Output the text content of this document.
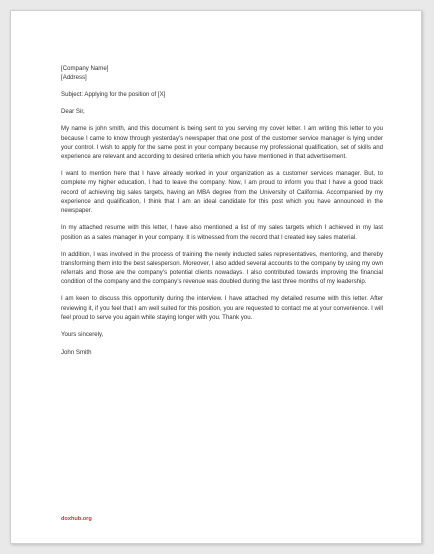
[Company Name]
[Address]

Subject: Applying for the position of [X]

Dear Sir,

My name is john smith, and this document is being sent to you serving my cover letter. I am writing this letter to you because I came to know through yesterday’s newspaper that one post of the customer service manager is lying under your control. I wish to apply for the same post in your company because my professional qualification, set of skills and experience are relevant and according to desired criteria which you have mentioned in that advertisement.

I want to mention here that I have already worked in your organization as a customer services manager. But, to complete my higher education, I had to leave the company. Now, I am proud to inform you that I have a good track record of achieving big sales targets, having an MBA degree from the University of California. Accompanied by my experience and qualification, I think that I am an ideal candidate for this post which you have announced in the newspaper.

In my attached resume with this letter, I have also mentioned a list of my sales targets which I achieved in my last position as a sales manager in your company. It is witnessed from the record that I created key sales material.

In addition, I was involved in the process of training the newly inducted sales representatives, mentoring, and thereby transforming them into the best salesperson. Moreover, I also added several accounts to the company by using my own referrals and those are the company’s potential clients nowadays. I also contributed towards improving the financial condition of the company and the company’s revenue was doubled during the last three months of my leadership.

I am keen to discuss this opportunity during the interview. I have attached my detailed resume with this letter. After reviewing it, if you feel that I am well suited for this position, you are requested to contact me at your convenience. I will feel proud to serve you again while staying longer with you. Thank you.

Yours sincerely,

John Smith

doxhub.org
